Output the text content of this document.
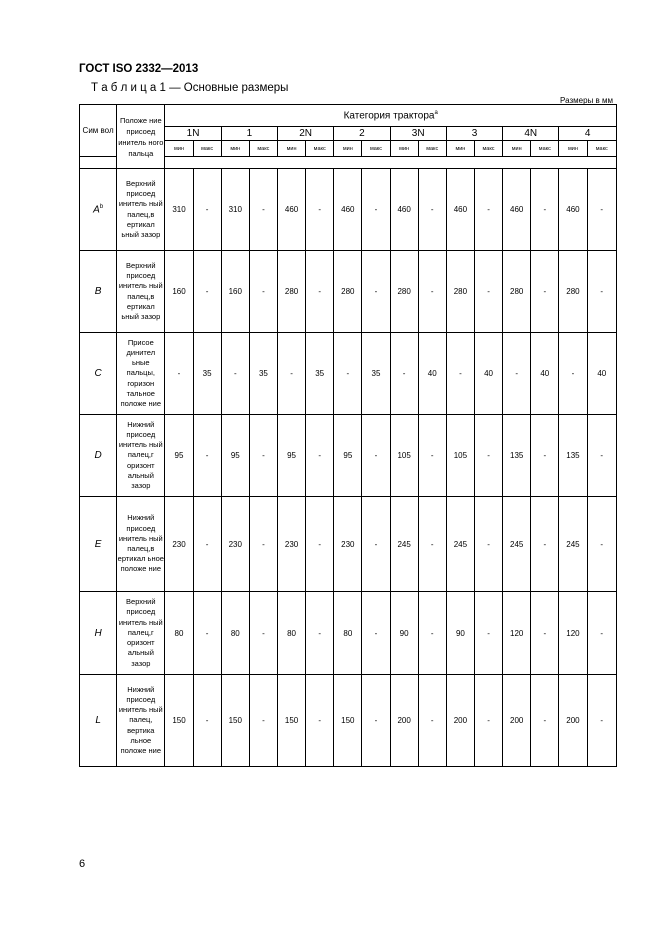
ГОСТ ISO 2332—2013
Т а б л и ц а 1 — Основные размеры
Размеры в мм
Сим вол	Положе ние присоед инитель ного пальца	Категория трактора$^а$
		1N		1		2N		2		3N		3		4N		4	
		мин	макс	мин	макс	мин	макс	мин	макс	мин	макс	мин	макс	мин	макс	мин	макс

$A^b$	Верхний присоед инитель ный палец,в ертикал ьный зазор	310	-	310	-	460	-	460	-	460	-	460	-	460	-	460	-
B	Верхний присоед инитель ный палец,в ертикал ьный зазор	160	-	160	-	280	-	280	-	280	-	280	-	280	-	280	-
C	Присое динител ьные пальцы, горизон тальное положе ние	-	35	-	35	-	35	-	35	-	40	-	40	-	40	-	40
D	Нижний присоед инитель ный палец,г оризонт альный зазор	95	-	95	-	95	-	95	-	105	-	105	-	135	-	135	-
E	Нижний присоед инитель ный палец,в ертикал ьное положе ние	230	-	230	-	230	-	230	-	245	-	245	-	245	-	245	-
H	Верхний присоед инитель ный палец,г оризонт альный зазор	80	-	80	-	80	-	80	-	90	-	90	-	120	-	120	-
L	Нижний присоед инитель ный палец, вертика льное положе ние	150	-	150	-	150	-	150	-	200	-	200	-	200	-	200	-
6
